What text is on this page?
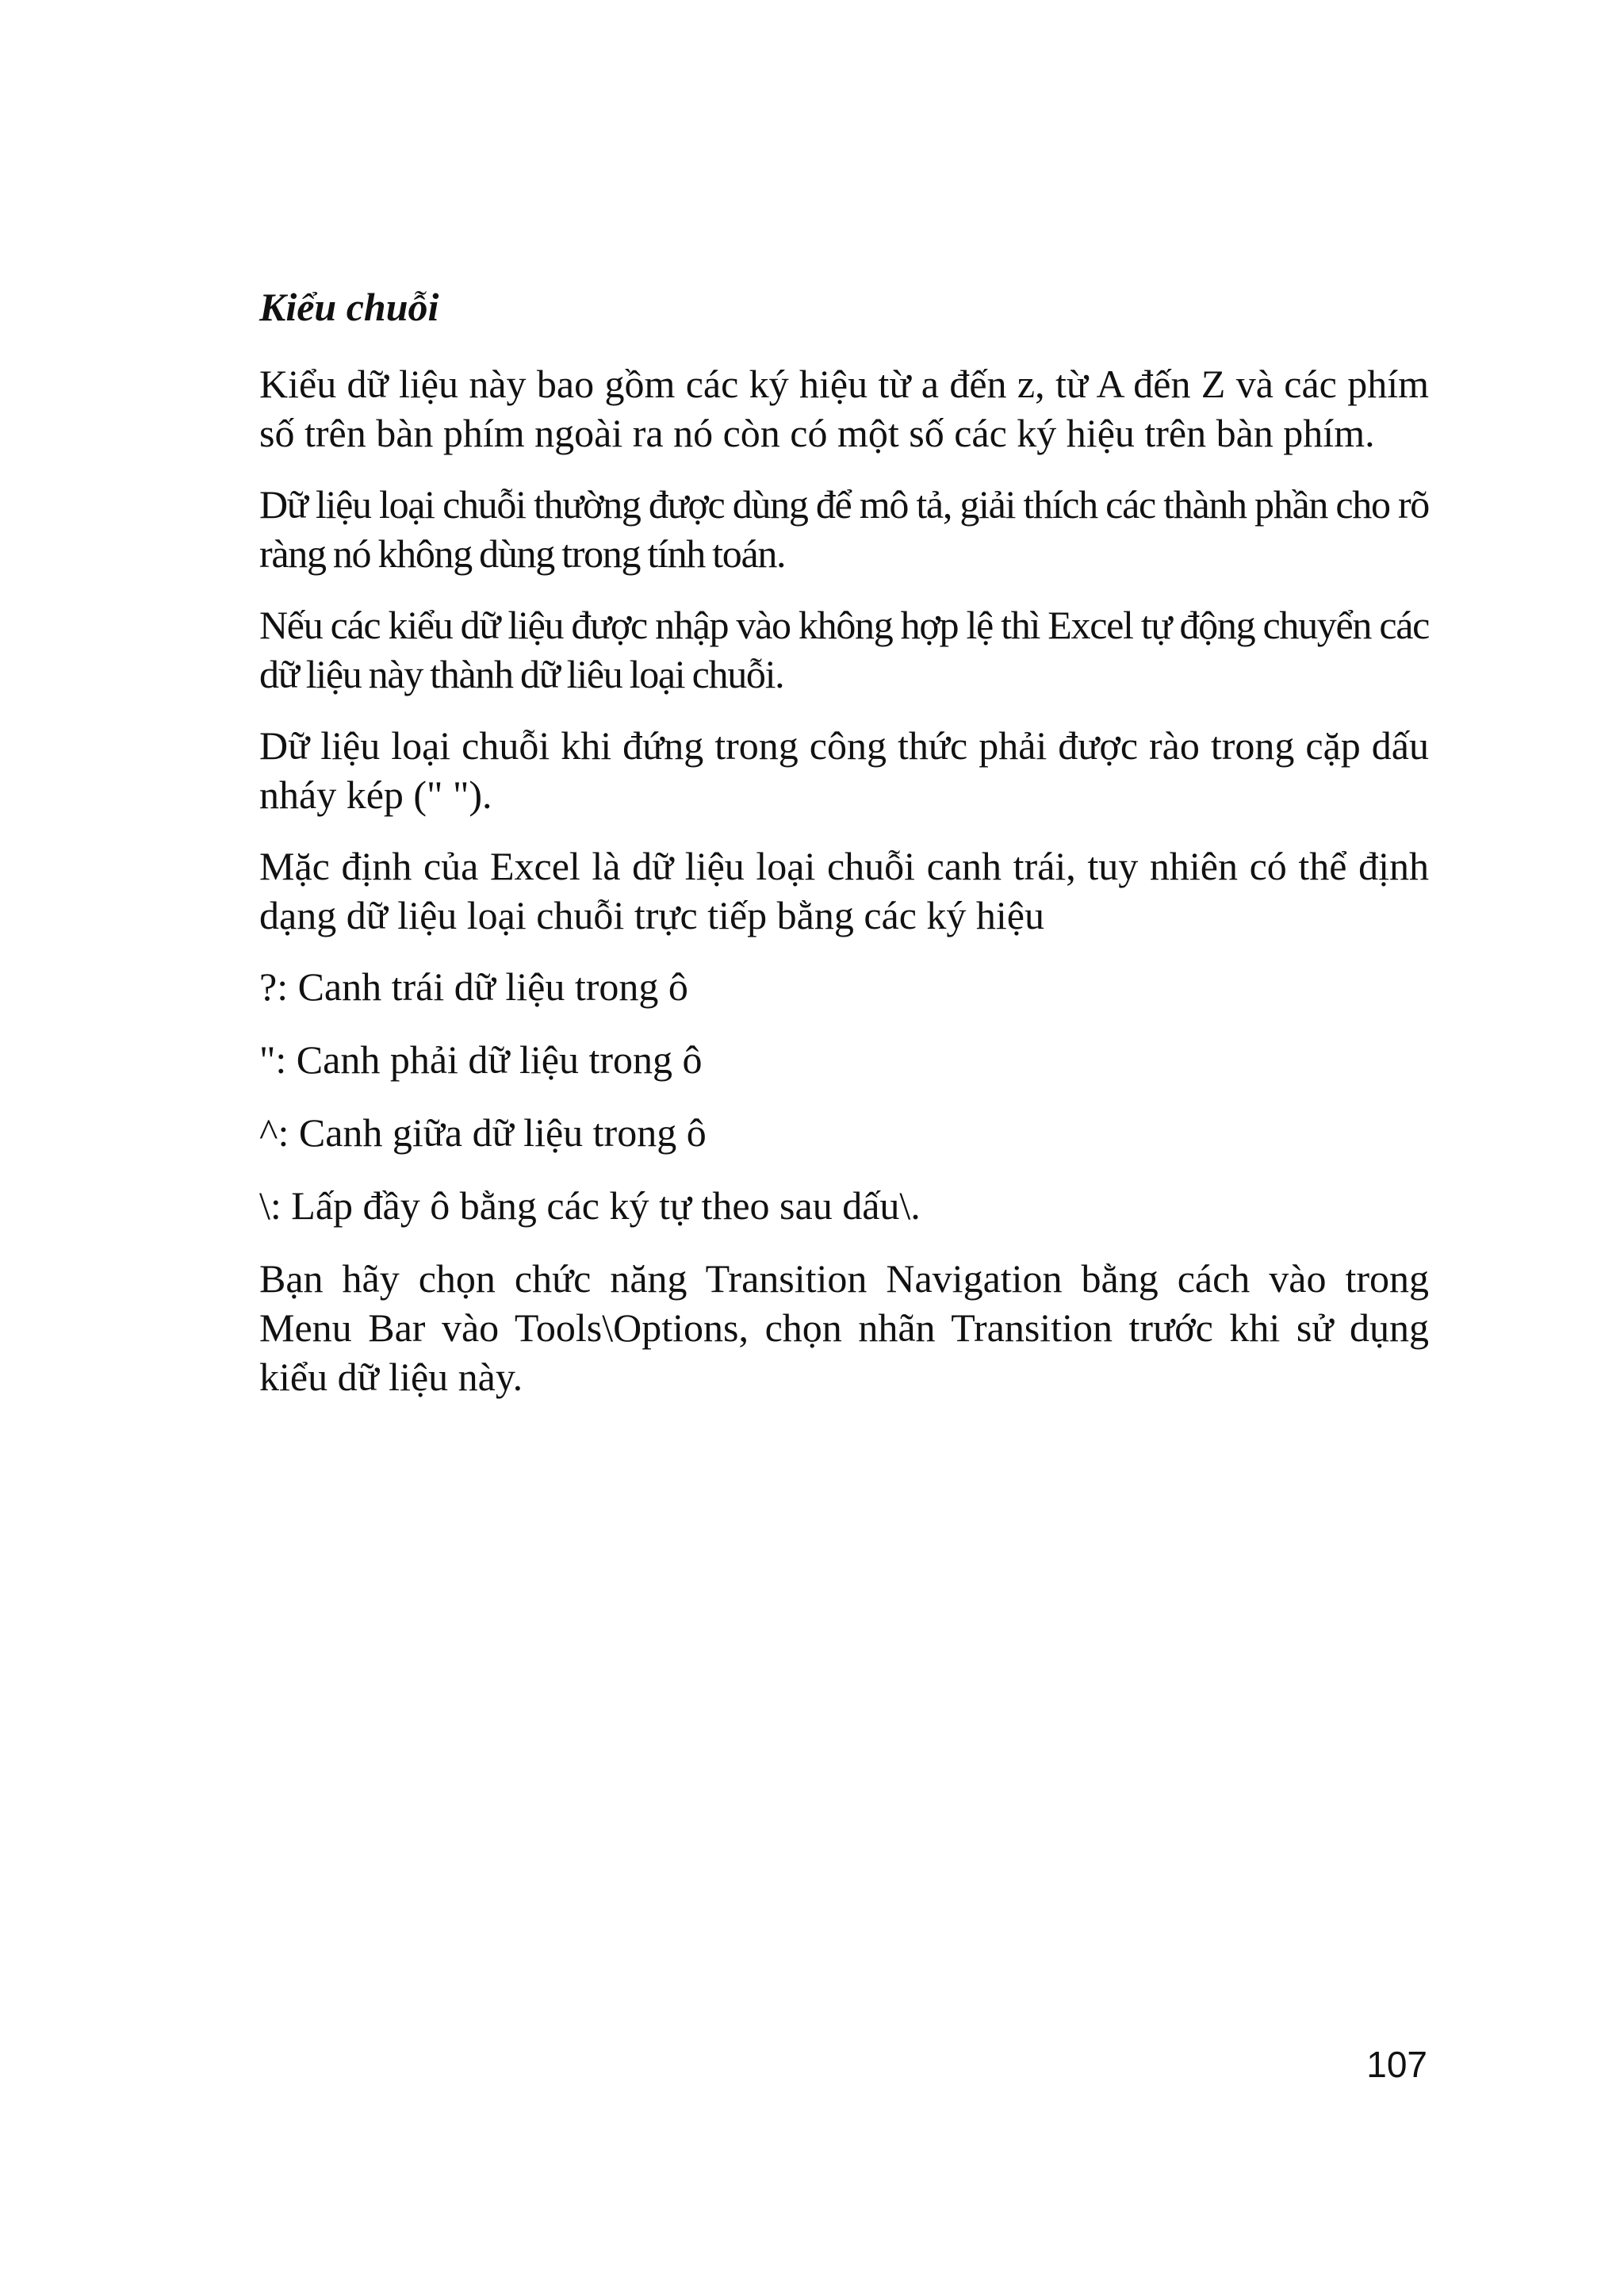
Kiểu chuỗi

Kiểu dữ liệu này bao gồm các ký hiệu từ a đến z, từ A đến Z và các phím số trên bàn phím ngoài ra nó còn có một số các ký hiệu trên bàn phím.

Dữ liệu loại chuỗi thường được dùng để mô tả, giải thích các thành phần cho rõ ràng nó không dùng trong tính toán.

Nếu các kiểu dữ liệu được nhập vào không hợp lệ thì Excel tự động chuyển các dữ liệu này thành dữ liêu loại chuỗi.

Dữ liệu loại chuỗi khi đứng trong công thức phải được rào trong cặp dấu nháy kép (" ").

Mặc định của Excel là dữ liệu loại chuỗi canh trái, tuy nhiên có thể định dạng dữ liệu loại chuỗi trực tiếp bằng các ký hiệu

?: Canh trái dữ liệu trong ô
": Canh phải dữ liệu trong ô
^: Canh giữa dữ liệu trong ô
\: Lấp đầy ô bằng các ký tự theo sau dấu\.

Bạn hãy chọn chức năng Transition Navigation bằng cách vào trong Menu Bar vào Tools\Options, chọn nhãn Transition trước khi sử dụng kiểu dữ liệu này.

107
